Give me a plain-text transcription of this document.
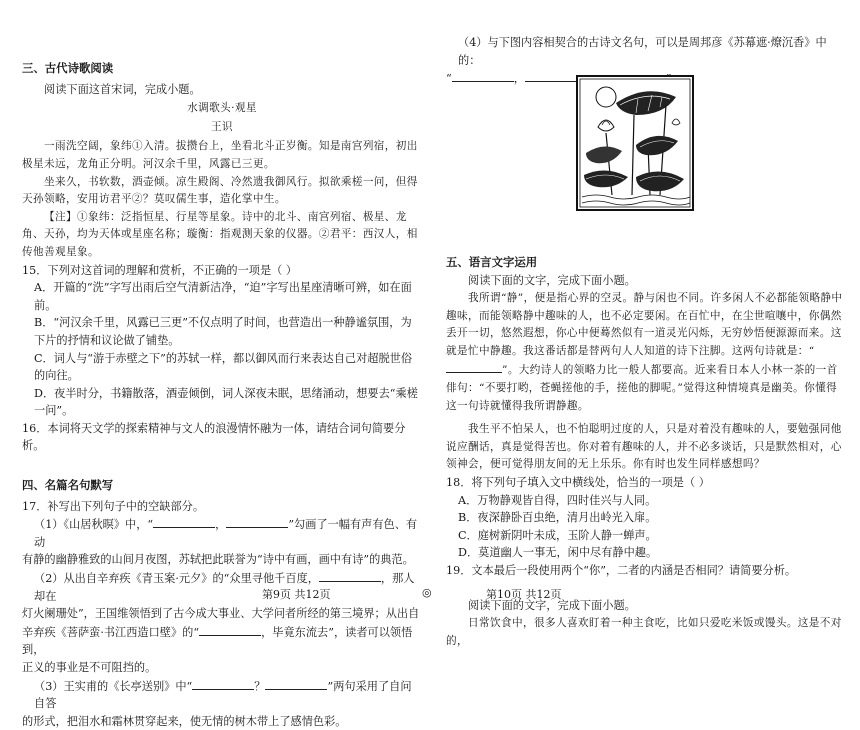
三、古代诗歌阅读

阅读下面这首宋词，完成小题。

水调歌头·观星

王识

一雨洗空阔，象纬①入清。拔攒台上，坐看北斗正岁衡。知是南宫列宿，初出极星未远，龙角正分明。河汉余千里，风露已三更。

坐来久，书软数，酒壶倾。凉生殿阁、冷然遗我御风行。拟欲乘槎一问，但得天孙领略，安用访君平②？莫叹儒生事，造化掌中生。

【注】①象纬：泛指恒星、行星等星象。诗中的北斗、南宫列宿、极星、龙角、天孙，均为天体或星座名称；璇衡：指观测天象的仪器。②君平：西汉人，相传他善观星象。

15．下列对这首词的理解和赏析，不正确的一项是（ ）

A．开篇的“洗”字写出雨后空气清新洁净，“迫”字写出星座清晰可辨，如在面前。

B．“河汉余千里，风露已三更”不仅点明了时间，也营造出一种静谧氛围，为下片的抒情和议论做了铺垫。

C．词人与“游于赤壁之下”的苏轼一样，都以御风而行来表达自己对超脱世俗的向往。

D．夜半时分，书籍散落，酒壶倾倒，词人深夜未眠，思绪涌动，想要去“乘槎一问”。

16．本词将天文学的探索精神与文人的浪漫情怀融为一体，请结合词句简要分析。

四、名篇名句默写

17．补写出下列句子中的空缺部分。

（1）《山居秋暝》中，“	，	”勾画了一幅有声有色、有动

有静的幽静雅致的山间月夜图，苏轼把此联誉为“诗中有画，画中有诗”的典范。

（2）从出自辛弃疾《青玉案·元夕》的“众里寻他千百度，	，那人却在

灯火阑珊处”，王国维领悟到了古今成大事业、大学问者所经的第三境界；从出自

辛弃疾《菩萨蛮·书江西造口壁》的“	，毕竟东流去”，读者可以领悟到，

正义的事业是不可阻挡的。

（3）王实甫的《长亭送别》中“	？	”两句采用了自问自答

的形式，把泪水和霜林贯穿起来，使无情的树木带上了感情色彩。

（4）与下图内容相契合的古诗文名句，可以是周邦彦《苏幕遮·燎沉香》中的：

“	，

五、语言文字运用

阅读下面的文字，完成下面小题。

我所谓“静”，便是指心界的空灵。静与闲也不同。许多闲人不必都能领略静中趣味，而能领略静中趣味的人，也不必定要闲。在百忙中，在尘世喧嚷中，你偶然丢开一切，悠然遐想，你心中便蓦然似有一道灵光闪烁，无穷妙悟便源源而来。这就是忙中静趣。我这番话都是替两句人人知道的诗下注脚。这两句诗就是：“”。大约诗人的领略力比一般人都要高。近来看日本人小林一茶的一首俳句：“不要打哟，苍蝇搓他的手，搓他的脚呢。”觉得这种情境真是幽美。你懂得这一句诗就懂得我所谓静趣。

我生平不怕呆人，也不怕聪明过度的人，只是对着没有趣味的人，要勉强同他说应酬话，真是觉得苦也。你对着有趣味的人，并不必多谈话，只是默然相对，心领神会，便可觉得朋友间的无上乐乐。你有时也发生同样感想吗？

18．将下列句子填入文中横线处，恰当的一项是（ ）

A．万物静观皆自得，四时佳兴与人同。

B．夜深静卧百虫绝，清月出岭光入扉。

C．庭树新阴叶未成，玉阶人静一蝉声。

D．莫道幽人一事无，闲中尽有静中趣。

19．文本最后一段使用两个“你”，二者的内涵是否相同？请简要分析。

阅读下面的文字，完成下面小题。

日常饮食中，很多人喜欢盯着一种主食吃，比如只爱吃米饭或馒头。这是不对的，

第9页 共12页	◎	第10页 共12页
